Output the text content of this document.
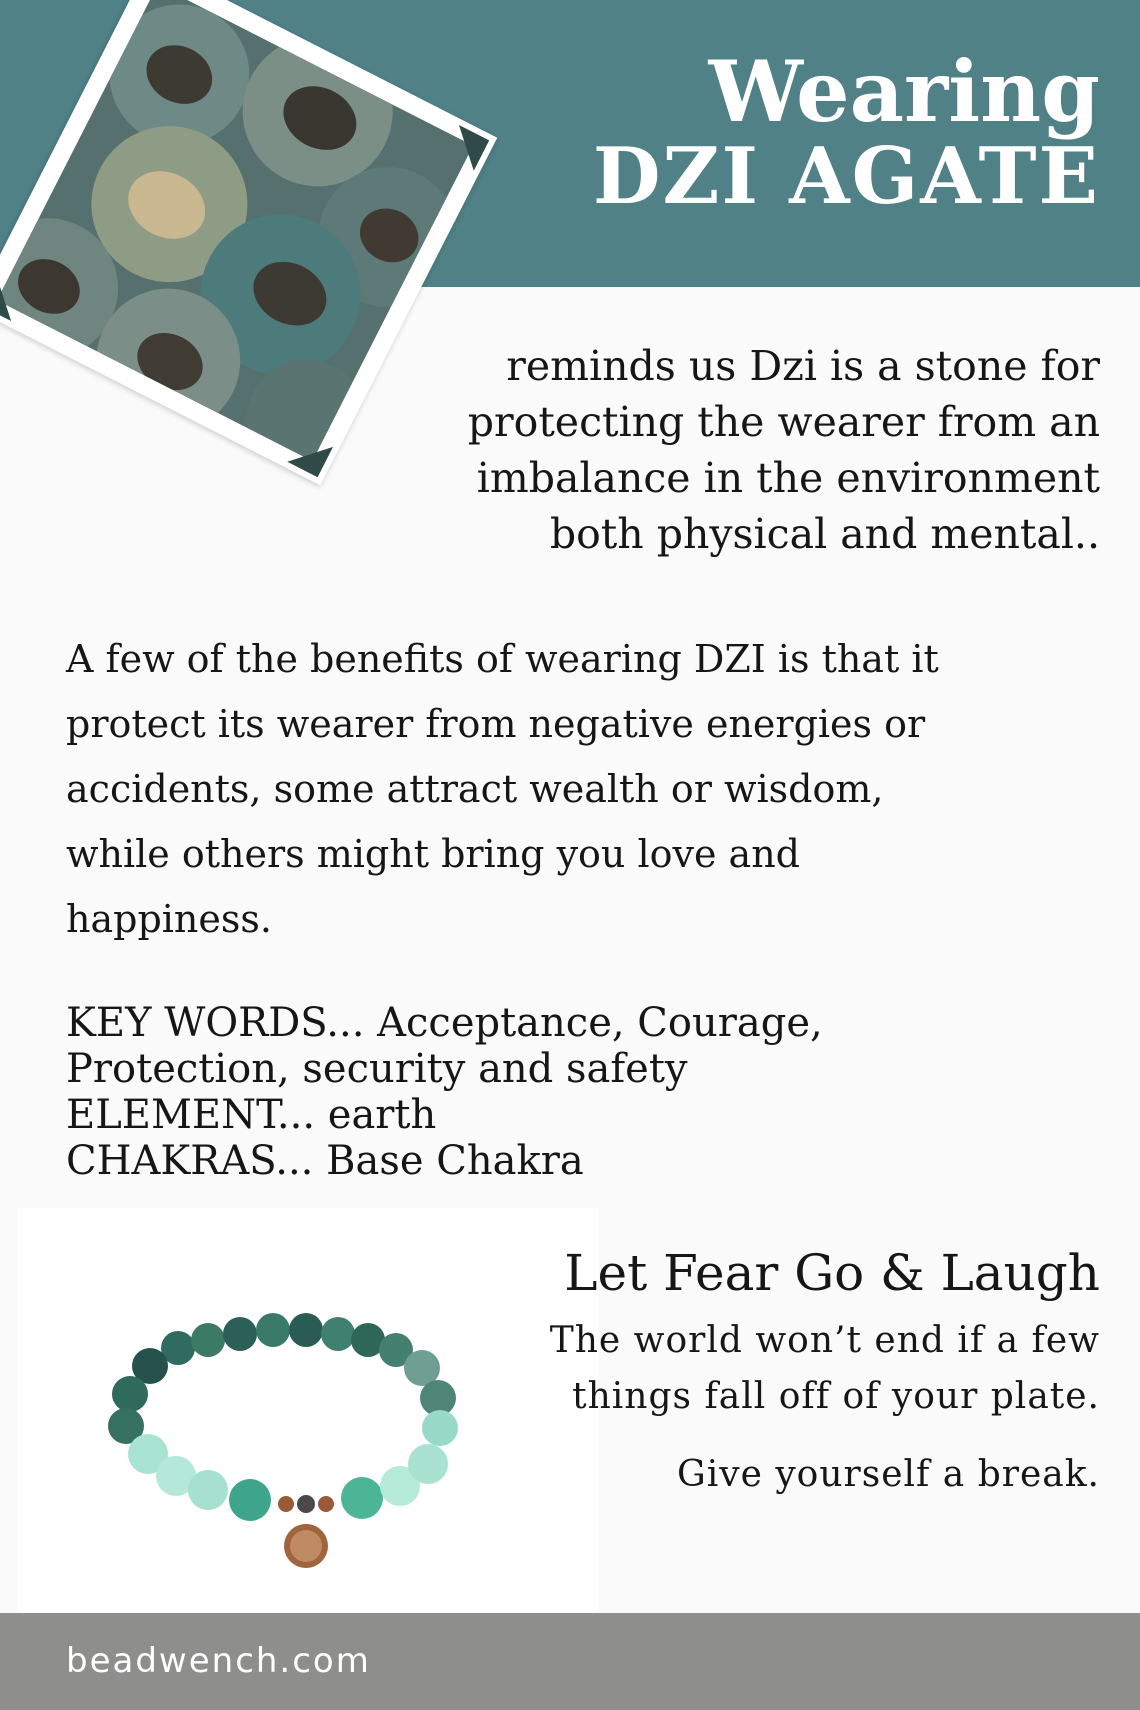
Wearing
DZI AGATE
reminds us Dzi is a stone for
protecting the wearer from an
imbalance in the environment
both physical and mental..
A few of the benefits of wearing DZI is that it
protect its wearer from negative energies or
accidents, some attract wealth or wisdom,
while others might bring you love and
happiness.
KEY WORDS... Acceptance, Courage,
Protection, security and safety
ELEMENT... earth
CHAKRAS... Base Chakra
Let Fear Go & Laugh
The world won’t end if a few
things fall off of your plate.
Give yourself a break.
beadwench.com
